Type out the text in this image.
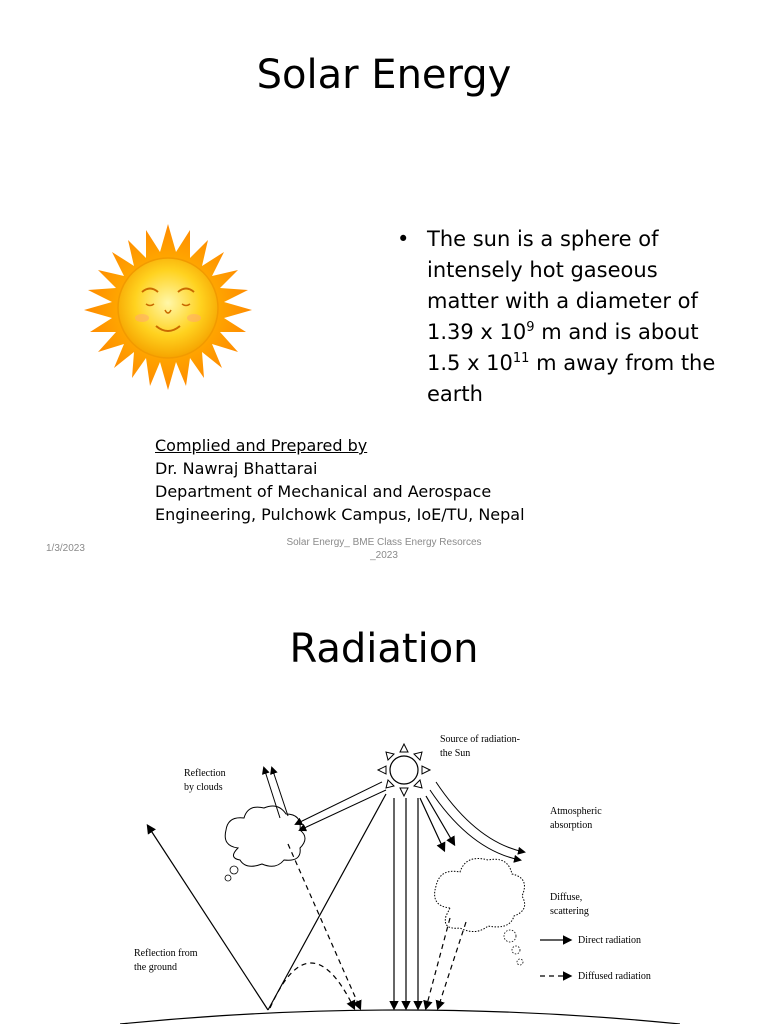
Solar Energy
• The sun is a sphere of
intensely hot gaseous
matter with a diameter of
1.39 x $10^9$ m and is about
1.5 x $10^{11}$ m away from the
earth
Complied and Prepared by
Dr. Nawraj Bhattarai
Department of Mechanical and Aerospace
Engineering, Pulchowk Campus, IoE/TU, Nepal
1/3/2023
Solar Energy_ BME Class Energy Resorces
_2023
Radiation
Source of radiation-
the Sun
Reflection
by clouds
Atmospheric
absorption
Diffuse,
scattering
Reflection from
the ground
Direct radiation
Diffused radiation
